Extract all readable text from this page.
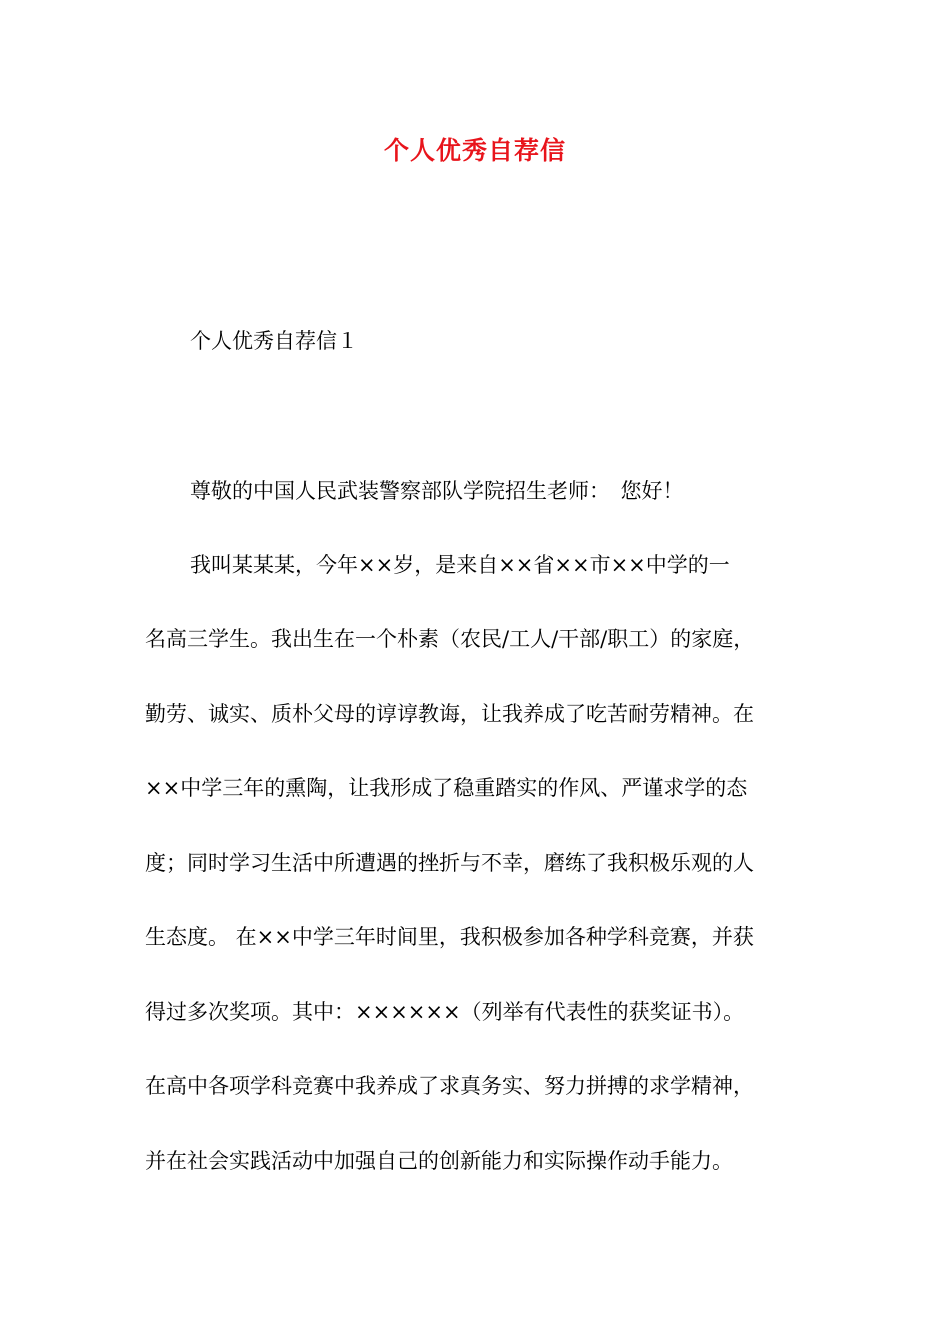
个人优秀自荐信

个人优秀自荐信１

尊敬的中国人民武装警察部队学院招生老师：　您好！

我叫某某某，今年××岁，是来自××省××市××中学的一

名高三学生。我出生在一个朴素（农民/工人/干部/职工）的家庭，

勤劳、诚实、质朴父母的谆谆教诲，让我养成了吃苦耐劳精神。在

××中学三年的熏陶，让我形成了稳重踏实的作风、严谨求学的态

度；同时学习生活中所遭遇的挫折与不幸，磨练了我积极乐观的人

生态度。 在××中学三年时间里，我积极参加各种学科竞赛，并获

得过多次奖项。其中：××××××（列举有代表性的获奖证书）。

在高中各项学科竞赛中我养成了求真务实、努力拼搏的求学精神，

并在社会实践活动中加强自己的创新能力和实际操作动手能力。
